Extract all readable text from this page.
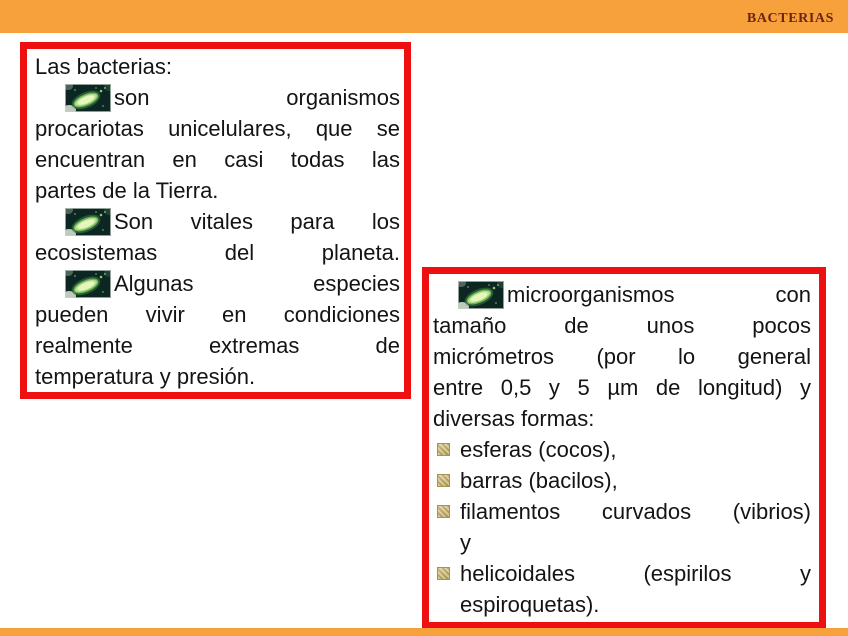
BACTERIAS
Las bacterias:
son organismos
procariotas unicelulares, que se
encuentran en casi todas las
partes de la Tierra.
Son vitales para los
ecosistemas del planeta.
Algunas especies
pueden vivir en condiciones
realmente extremas de
temperatura y presión.
microorganismos con
tamaño de unos pocos
micrómetros (por lo general
entre 0,5 y 5 µm de longitud) y
diversas formas:
esferas (cocos),
barras (bacilos),
filamentos curvados (vibrios)
y
helicoidales (espirilos y
espiroquetas).
